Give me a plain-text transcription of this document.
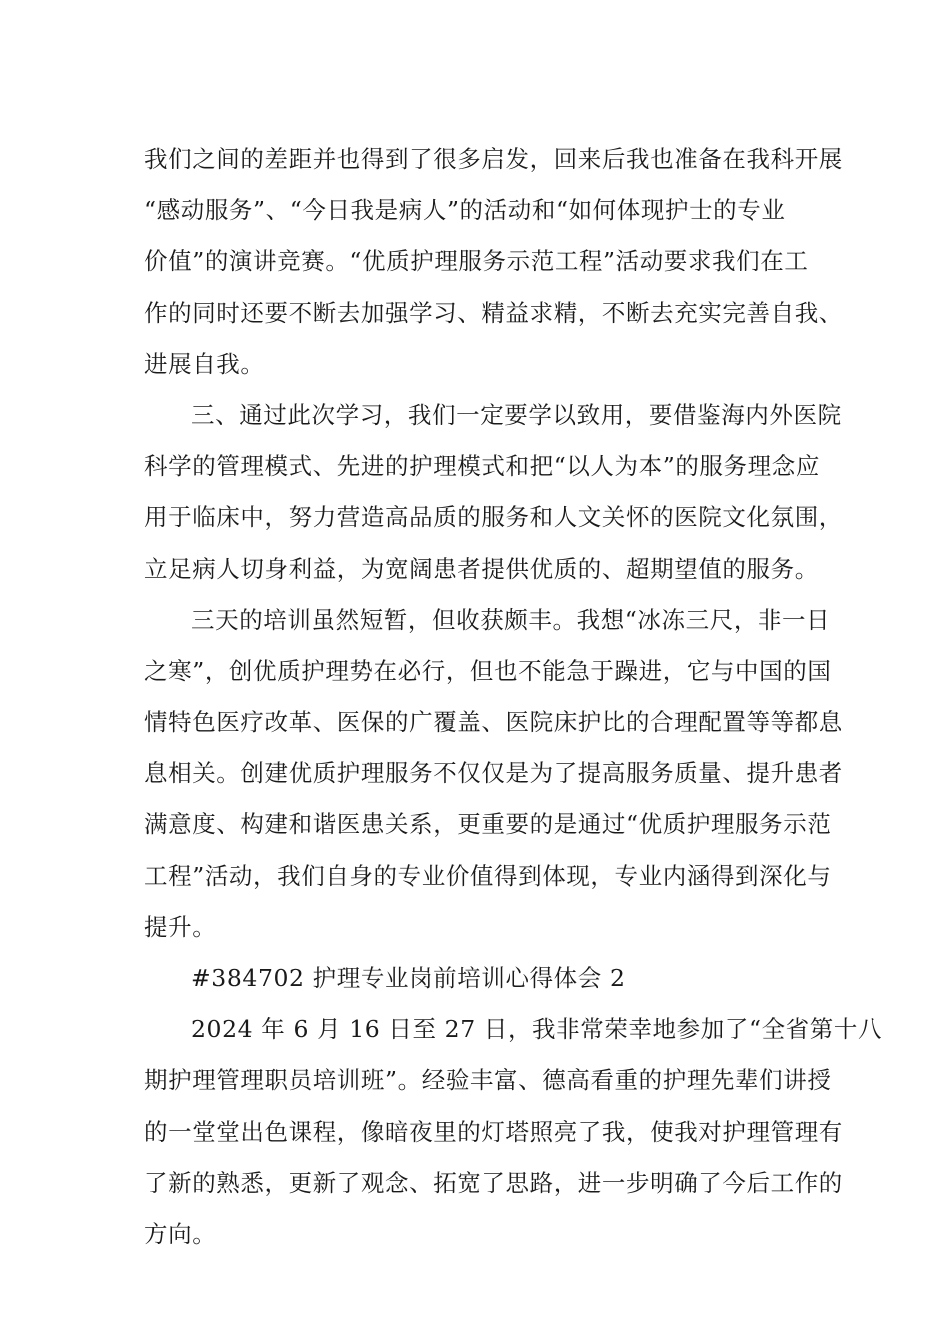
我们之间的差距并也得到了很多启发，回来后我也准备在我科开展
“感动服务”、“今日我是病人”的活动和“如何体现护士的专业
价值”的演讲竞赛。“优质护理服务示范工程”活动要求我们在工
作的同时还要不断去加强学习、精益求精，不断去充实完善自我、
进展自我。
三、通过此次学习，我们一定要学以致用，要借鉴海内外医院
科学的管理模式、先进的护理模式和把“以人为本”的服务理念应
用于临床中，努力营造高品质的服务和人文关怀的医院文化氛围，
立足病人切身利益，为宽阔患者提供优质的、超期望值的服务。
三天的培训虽然短暂，但收获颇丰。我想“冰冻三尺，非一日
之寒”，创优质护理势在必行，但也不能急于躁进，它与中国的国
情特色医疗改革、医保的广覆盖、医院床护比的合理配置等等都息
息相关。创建优质护理服务不仅仅是为了提高服务质量、提升患者
满意度、构建和谐医患关系，更重要的是通过“优质护理服务示范
工程”活动，我们自身的专业价值得到体现，专业内涵得到深化与
提升。
#384702 护理专业岗前培训心得体会 2
2024 年 6 月 16 日至 27 日，我非常荣幸地参加了“全省第十八
期护理管理职员培训班”。经验丰富、德高看重的护理先辈们讲授
的一堂堂出色课程，像暗夜里的灯塔照亮了我，使我对护理管理有
了新的熟悉，更新了观念、拓宽了思路，进一步明确了今后工作的
方向。
